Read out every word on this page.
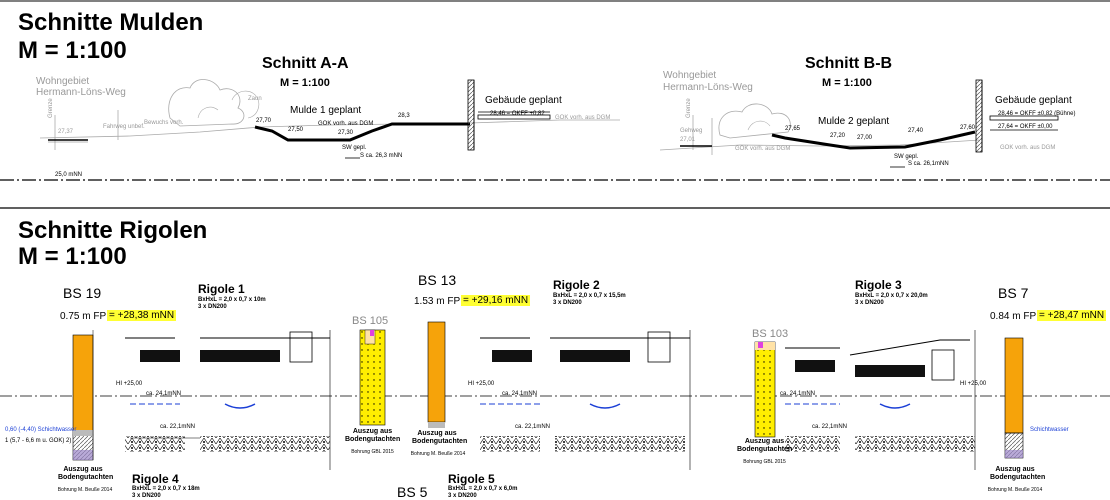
Schnitte Mulden
M = 1:100	Schnitt A-A
M = 1:100
Mulde 1 geplant
Gebäude geplant
28,46 = OKFF +0,82
GOK vorh. aus DGM
GOK vorh. aus DGM
SW gepl.
S ca. 26,3 mNN
27,70
27,50	27,30
28,3
Wohngebiet
Hermann-Löns-Weg
Grenze
Fahrweg unbef.
Bewuchs vorh.
Zaun
27,37
25,0 mNN
Schnitt B-B
M = 1:100
Mulde 2 geplant
Gebäude geplant
28,46 = OKFF ±0,82 (Bühne)
27,64 = OKFF ±0,00
GOK vorh. aus DGM	GOK vorh. aus DGM
SW gepl.
S ca. 26,1mNN
27,65
27,20 27,00
27,40	27,60
Wohngebiet
Hermann-Löns-Weg
Grenze
Gehweg
27,01
Schnitte Rigolen
M = 1:100
BS 19
0.75 m FP = +28,38 mNN
Auszug aus Bodengutachten
Bohrung M. Beuße 2014
0,60 (-4,40) Schichtwasser
1 (5,7 - 6,6 m u. GOK) 2)
Rigole 1
BxHxL = 2,0 x 0,7 x 10m
3 x DN200
HI +25,00
ca. 24,1mNN
ca. 22,1mNN
BS 105
Auszug aus Bodengutachten
Bohrung GBL 2015
BS 13
1.53 m FP = +29,16 mNN
Auszug aus Bodengutachten
Bohrung M. Beuße 2014
Rigole 2
BxHxL = 2,0 x 0,7 x 15,5m
3 x DN200
HI +25,00
ca. 24,1mNN
ca. 22,1mNN
BS 103
Auszug aus Bodengutachten
Bohrung GBL 2015
Rigole 3
BxHxL = 2,0 x 0,7 x 20,0m
3 x DN200
ca. 24,1mNN
HI +25,00
ca. 22,1mNN
BS 7
0.84 m FP = +28,47 mNN
Schichtwasser
Auszug aus Bodengutachten
Bohrung M. Beuße 2014
Rigole 4
BxHxL = 2,0 x 0,7 x 18m
3 x DN200
Rigole 5
BxHxL = 2,0 x 0,7 x 6,0m
3 x DN200
BS 5
